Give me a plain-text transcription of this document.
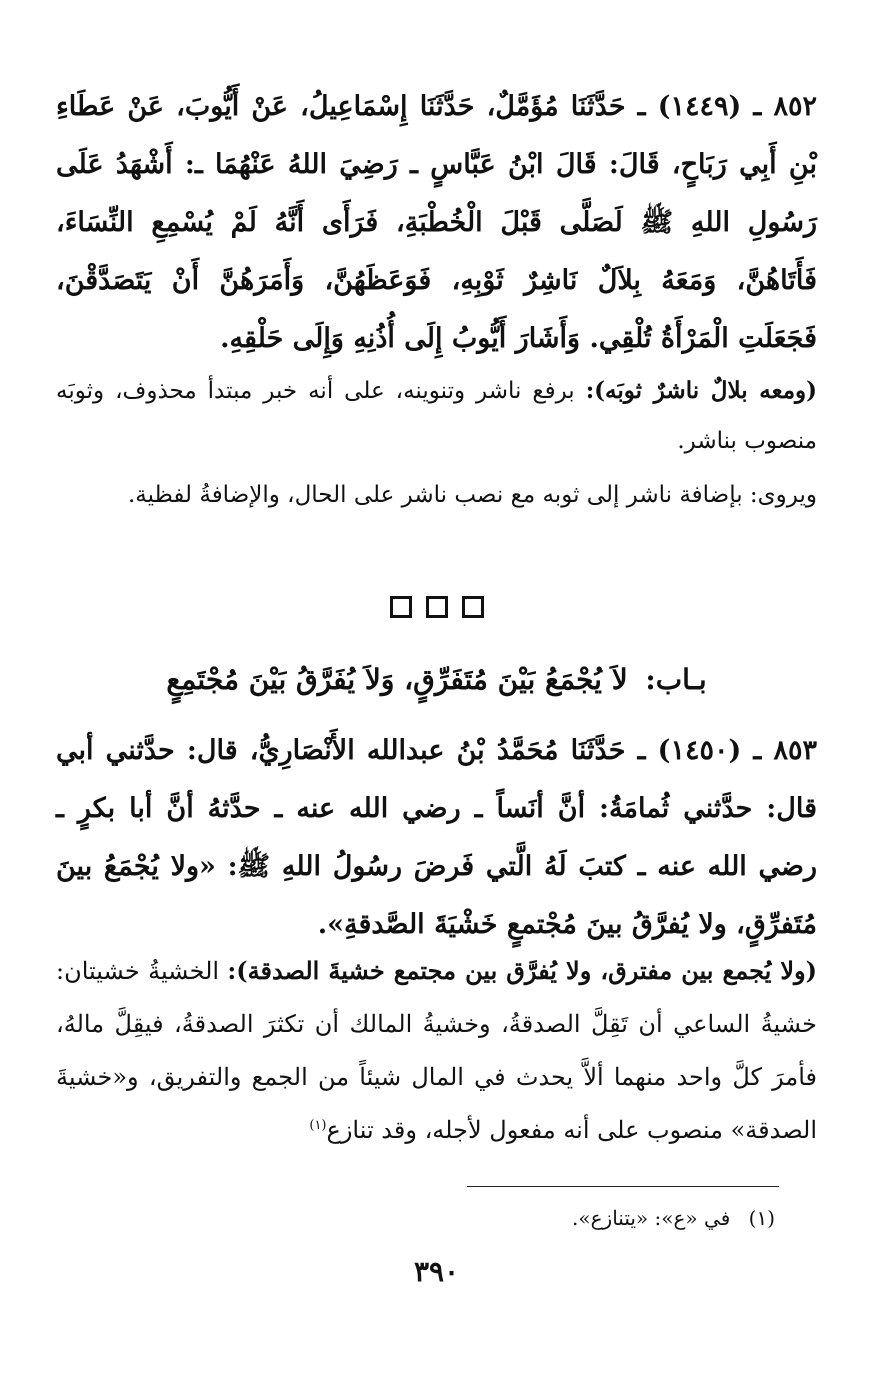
٨٥٢ ـ (١٤٤٩) ـ حَدَّثَنَا مُؤَمَّلٌ، حَدَّثَنَا إِسْمَاعِيلُ، عَنْ أَيُّوبَ، عَنْ عَطَاءِ بْنِ أَبِي رَبَاحٍ، قَالَ: قَالَ ابْنُ عَبَّاسٍ ـ رَضِيَ اللهُ عَنْهُمَا ـ: أَشْهَدُ عَلَى رَسُولِ اللهِ ﷺ لَصَلَّى قَبْلَ الْخُطْبَةِ، فَرَأَى أَنَّهُ لَمْ يُسْمِعِ النِّسَاءَ، فَأَتَاهُنَّ، وَمَعَهُ بِلاَلٌ نَاشِرٌ ثَوْبِهِ، فَوَعَظَهُنَّ، وَأَمَرَهُنَّ أَنْ يَتَصَدَّقْنَ، فَجَعَلَتِ الْمَرْأَةُ تُلْقِي. وَأَشَارَ أَيُّوبُ إِلَى أُذُنِهِ وَإِلَى حَلْقِهِ.

(ومعه بلالٌ ناشرٌ ثوبَه): برفع ناشر وتنوينه، على أنه خبر مبتدأ محذوف، وثوبَه منصوب بناشر.

ويروى: بإضافة ناشر إلى ثوبه مع نصب ناشر على الحال، والإضافةُ لفظية.

بـاب: لاَ يُجْمَعُ بَيْنَ مُتَفَرِّقٍ، وَلاَ يُفَرَّقُ بَيْنَ مُجْتَمِعٍ

٨٥٣ ـ (١٤٥٠) ـ حَدَّثَنَا مُحَمَّدُ بْنُ عبدالله الأَنْصَارِيُّ، قال: حدَّثني أبي قال: حدَّثني ثُمامَةُ: أنَّ أنَساً ـ رضي الله عنه ـ حدَّثهُ أنَّ أبا بكرٍ ـ رضي الله عنه ـ كتبَ لَهُ الَّتي فَرضَ رسُولُ اللهِ ﷺ: «ولا يُجْمَعُ بينَ مُتَفرِّقٍ، ولا يُفرَّقُ بينَ مُجْتمعٍ خَشْيَةَ الصَّدقةِ».

(ولا يُجمع بين مفترق، ولا يُفرَّق بين مجتمع خشيةَ الصدقة): الخشيةُ خشيتان: خشيةُ الساعي أن تَقِلَّ الصدقةُ، وخشيةُ المالك أن تكثرَ الصدقةُ، فيقِلَّ مالهُ، فأمرَ كلَّ واحد منهما ألاَّ يحدث في المال شيئاً من الجمع والتفريق، و«خشيةَ الصدقة» منصوب على أنه مفعول لأجله، وقد تنازع$^{(١)}$

(١) في «ع»: «يتنازع».
٣٩٠
